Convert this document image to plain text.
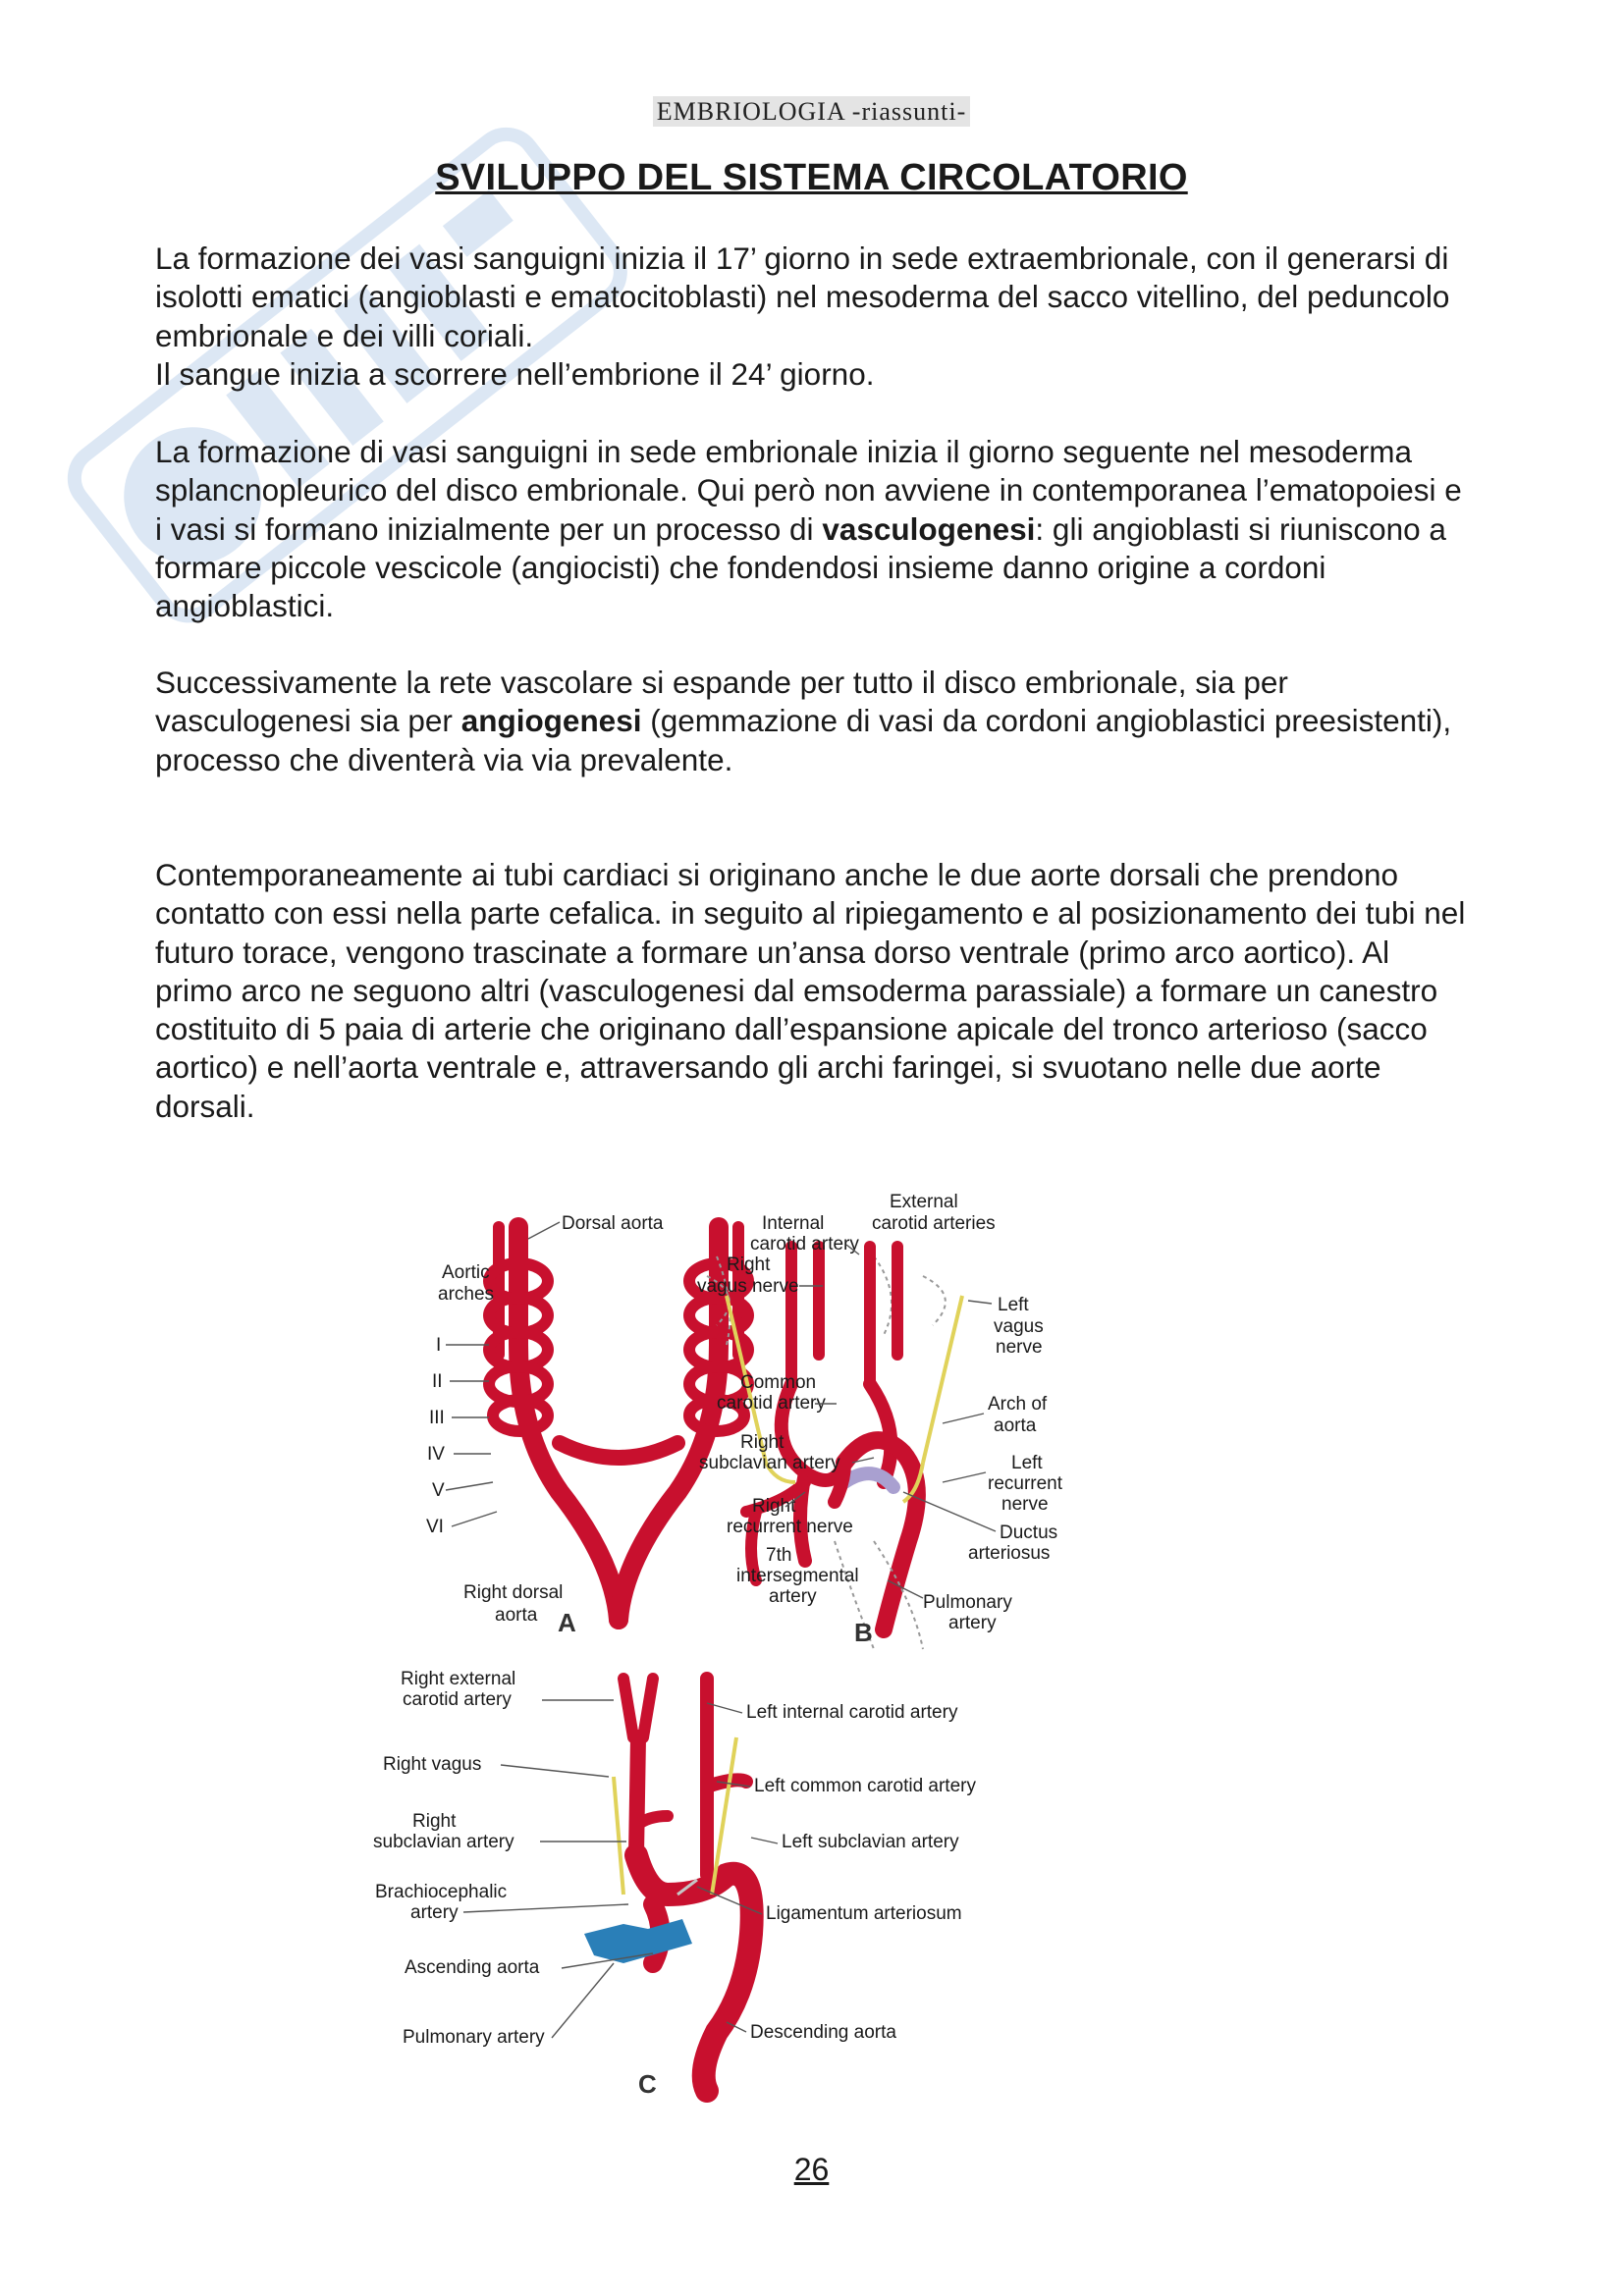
EMBRIOLOGIA -riassunti-
SVILUPPO DEL SISTEMA CIRCOLATORIO
La formazione dei vasi sanguigni inizia il 17’ giorno in sede extraembrionale, con il generarsi di isolotti ematici (angioblasti e ematocitoblasti) nel mesoderma del sacco vitellino, del peduncolo embrionale e dei villi coriali.
Il sangue inizia a scorrere nell’embrione il 24’ giorno.
La formazione di vasi sanguigni in sede embrionale inizia il giorno seguente nel mesoderma splancnopleurico del disco embrionale. Qui però non avviene in contemporanea l’ematopoiesi e i vasi si formano inizialmente per un processo di vasculogenesi: gli angioblasti si riuniscono a formare piccole vescicole (angiocisti) che fondendosi insieme danno origine a cordoni angioblastici.
Successivamente la rete vascolare si espande per tutto il disco embrionale, sia per vasculogenesi sia per angiogenesi (gemmazione di vasi da cordoni angioblastici preesistenti), processo che diventerà via via prevalente.
Contemporaneamente ai tubi cardiaci si originano anche le due aorte dorsali che prendono contatto con essi nella parte cefalica. in seguito al ripiegamento e al posizionamento dei tubi nel futuro torace, vengono trascinate a formare un’ansa dorso ventrale (primo arco aortico). Al primo arco ne seguono altri (vasculogenesi dal emsoderma parassiale) a formare un canestro costituito di 5 paia di arterie che originano dall’espansione apicale del tronco arterioso (sacco aortico) e nell’aorta ventrale e, attraversando gli archi faringei, si svuotano nelle due aorte dorsali.
Dorsal aorta
Aortic
arches
I
II
III
IV
V
VI
Right dorsal
aorta A
External
carotid arteries
Internal
carotid artery
Right
vagus nerve
Left
vagus
nerve
Common
carotid artery	Arch of
aorta
Right
subclavian artery	Left
recurrent
nerve
Right
recurrent nerve	Ductus
arteriosus
7th
intersegmental
artery	Pulmonary
artery
B
Right external
carotid artery
Left internal carotid artery
Right vagus
Left common carotid artery
Right
subclavian artery	Left subclavian artery
Brachiocephalic
artery	Ligamentum arteriosum
Ascending aorta
Pulmonary artery	Descending aorta
C
26
